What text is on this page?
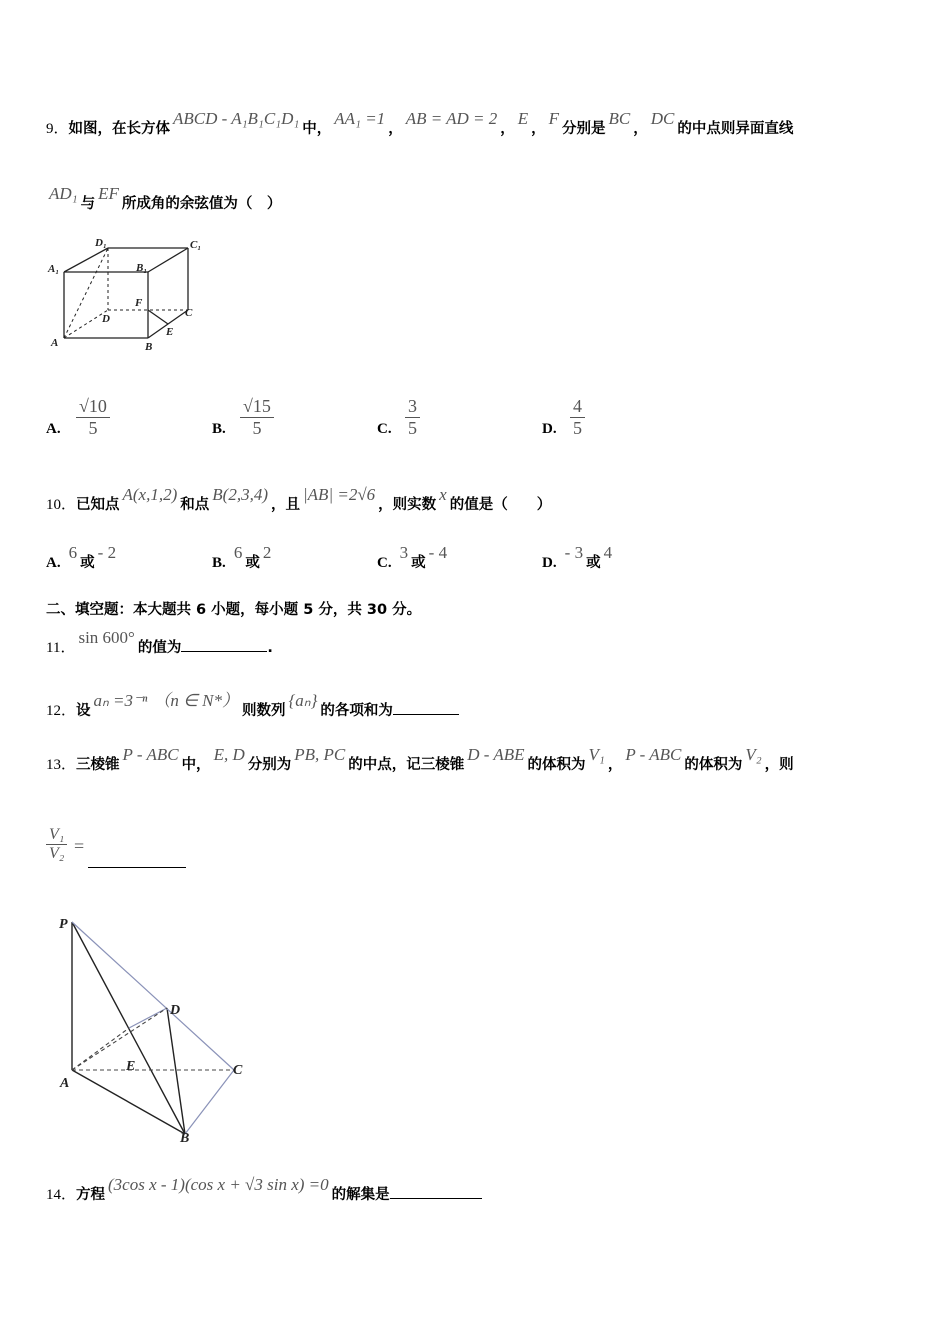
9．如图，在长方体ABCD - A₁B₁C₁D₁中，AA₁ =1，AB = AD = 2，E，F分别是BC，DC的中点则异面直线
AD₁与EF所成角的余弦值为（　）
D₁	C₁
A₁	B₁
F
D	C
E
A	B
A. $\frac{√10}{5}$	B. $\frac{√15}{5}$	C. $\frac{3}{5}$	D. $\frac{4}{5}$
10．已知点A(x,1,2)和点B(2,3,4)，且|AB| =2√6，则实数x的值是（　　）
A. 6或- 2
B. 6或2
C. 3或- 4
D. - 3或4
二、填空题：本大题共 6 小题，每小题 5 分，共 30 分。
11．sin 600°的值为	.
12．设aₙ =3⁻ⁿ （n ∈ N*）则数列{aₙ}的各项和为
13．三棱锥P - ABC中，E, D分别为PB, PC的中点，记三棱锥D - ABE的体积为V₁，P - ABC的体积为V₂，则
$\frac{\text{V₁}}{\text{V₂}}$ =
P
D
E
A
C
B
14．方程(3cos x - 1)(cos x + √3 sin x) =0的解集是
